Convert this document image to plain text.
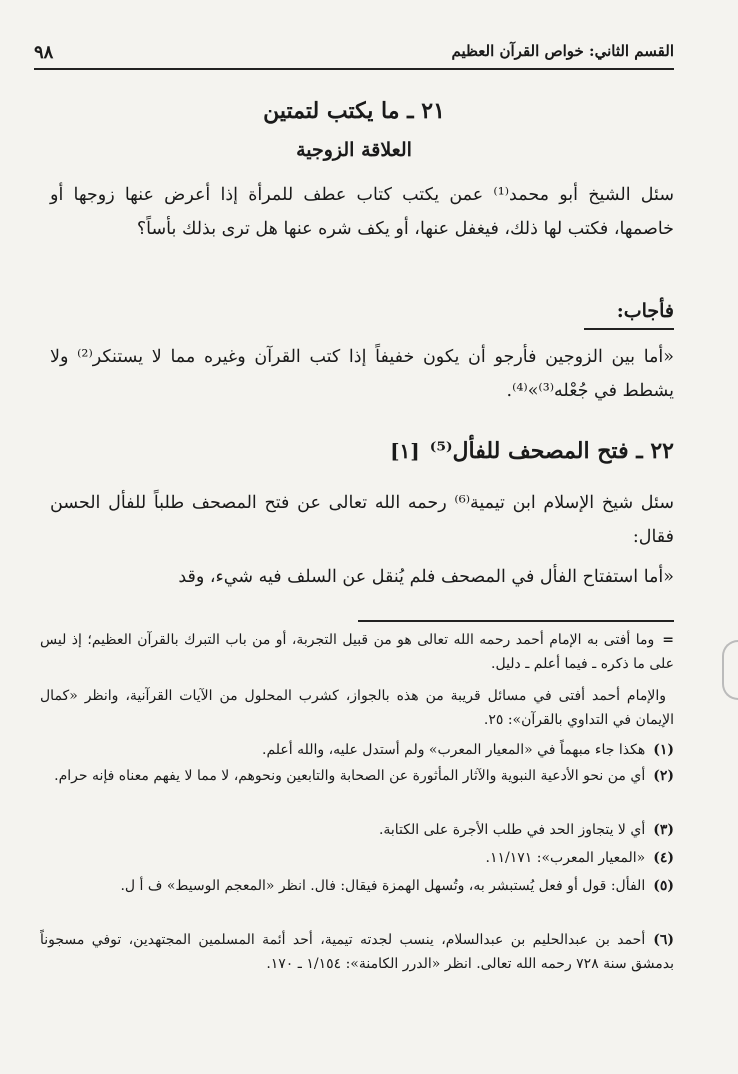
٩٨	القسم الثاني: خواص القرآن العظيم
٢١ ـ ما يكتب لتمتين
العلاقة الزوجية
سئل الشيخ أبو محمد⁽¹⁾ عمن يكتب كتاب عطف للمرأة إذا أعرض عنها زوجها أو خاصمها، فكتب لها ذلك، فيغفل عنها، أو يكف شره عنها هل ترى بذلك بأساً؟
فأجاب:
«أما بين الزوجين فأرجو أن يكون خفيفاً إذا كتب القرآن وغيره مما لا يستنكر⁽²⁾ ولا يشطط في جُعْله⁽³⁾»⁽⁴⁾.
٢٢ ـ فتح المصحف للفأل⁽⁵⁾[١]
سئل شيخ الإسلام ابن تيمية⁽⁶⁾ رحمه الله تعالى عن فتح المصحف طلباً للفأل الحسن فقال:
«أما استفتاح الفأل في المصحف فلم يُنقل عن السلف فيه شيء، وقد
=وما أفتى به الإمام أحمد رحمه الله تعالى هو من قبيل التجربة، أو من باب التبرك بالقرآن العظيم؛ إذ ليس على ما ذكره ـ فيما أعلم ـ دليل.
والإمام أحمد أفتى في مسائل قريبة من هذه بالجواز، كشرب المحلول من الآيات القرآنية، وانظر «كمال الإيمان في التداوي بالقرآن»: ٢٥.
(١)هكذا جاء مبهماً في «المعيار المعرب» ولم أستدل عليه، والله أعلم.
(٢)أي من نحو الأدعية النبوية والآثار المأثورة عن الصحابة والتابعين ونحوهم، لا مما لا يفهم معناه فإنه حرام.
(٣)أي لا يتجاوز الحد في طلب الأجرة على الكتابة.
(٤)«المعيار المعرب»: ١١/١٧١.
(٥)الفأل: قول أو فعل يُستبشر به، وتُسهل الهمزة فيقال: فال. انظر «المعجم الوسيط» ف أ ل.
(٦)أحمد بن عبدالحليم بن عبدالسلام، ينسب لجدته تيمية، أحد أئمة المسلمين المجتهدين، توفي مسجوناً بدمشق سنة ٧٢٨ رحمه الله تعالى. انظر «الدرر الكامنة»: ١/١٥٤ ـ ١٧٠.
